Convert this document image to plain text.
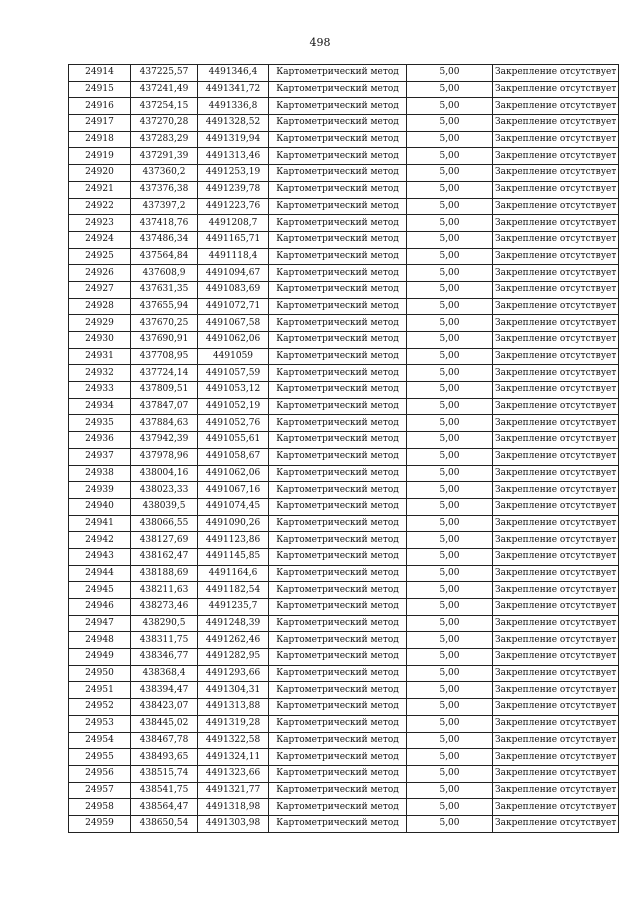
498
24914	437225,57	4491346,4	Картометрический метод	5,00	Закрепление отсутствует
24915	437241,49	4491341,72	Картометрический метод	5,00	Закрепление отсутствует
24916	437254,15	4491336,8	Картометрический метод	5,00	Закрепление отсутствует
24917	437270,28	4491328,52	Картометрический метод	5,00	Закрепление отсутствует
24918	437283,29	4491319,94	Картометрический метод	5,00	Закрепление отсутствует
24919	437291,39	4491313,46	Картометрический метод	5,00	Закрепление отсутствует
24920	437360,2	4491253,19	Картометрический метод	5,00	Закрепление отсутствует
24921	437376,38	4491239,78	Картометрический метод	5,00	Закрепление отсутствует
24922	437397,2	4491223,76	Картометрический метод	5,00	Закрепление отсутствует
24923	437418,76	4491208,7	Картометрический метод	5,00	Закрепление отсутствует
24924	437486,34	4491165,71	Картометрический метод	5,00	Закрепление отсутствует
24925	437564,84	4491118,4	Картометрический метод	5,00	Закрепление отсутствует
24926	437608,9	4491094,67	Картометрический метод	5,00	Закрепление отсутствует
24927	437631,35	4491083,69	Картометрический метод	5,00	Закрепление отсутствует
24928	437655,94	4491072,71	Картометрический метод	5,00	Закрепление отсутствует
24929	437670,25	4491067,58	Картометрический метод	5,00	Закрепление отсутствует
24930	437690,91	4491062,06	Картометрический метод	5,00	Закрепление отсутствует
24931	437708,95	4491059	Картометрический метод	5,00	Закрепление отсутствует
24932	437724,14	4491057,59	Картометрический метод	5,00	Закрепление отсутствует
24933	437809,51	4491053,12	Картометрический метод	5,00	Закрепление отсутствует
24934	437847,07	4491052,19	Картометрический метод	5,00	Закрепление отсутствует
24935	437884,63	4491052,76	Картометрический метод	5,00	Закрепление отсутствует
24936	437942,39	4491055,61	Картометрический метод	5,00	Закрепление отсутствует
24937	437978,96	4491058,67	Картометрический метод	5,00	Закрепление отсутствует
24938	438004,16	4491062,06	Картометрический метод	5,00	Закрепление отсутствует
24939	438023,33	4491067,16	Картометрический метод	5,00	Закрепление отсутствует
24940	438039,5	4491074,45	Картометрический метод	5,00	Закрепление отсутствует
24941	438066,55	4491090,26	Картометрический метод	5,00	Закрепление отсутствует
24942	438127,69	4491123,86	Картометрический метод	5,00	Закрепление отсутствует
24943	438162,47	4491145,85	Картометрический метод	5,00	Закрепление отсутствует
24944	438188,69	4491164,6	Картометрический метод	5,00	Закрепление отсутствует
24945	438211,63	4491182,54	Картометрический метод	5,00	Закрепление отсутствует
24946	438273,46	4491235,7	Картометрический метод	5,00	Закрепление отсутствует
24947	438290,5	4491248,39	Картометрический метод	5,00	Закрепление отсутствует
24948	438311,75	4491262,46	Картометрический метод	5,00	Закрепление отсутствует
24949	438346,77	4491282,95	Картометрический метод	5,00	Закрепление отсутствует
24950	438368,4	4491293,66	Картометрический метод	5,00	Закрепление отсутствует
24951	438394,47	4491304,31	Картометрический метод	5,00	Закрепление отсутствует
24952	438423,07	4491313,88	Картометрический метод	5,00	Закрепление отсутствует
24953	438445,02	4491319,28	Картометрический метод	5,00	Закрепление отсутствует
24954	438467,78	4491322,58	Картометрический метод	5,00	Закрепление отсутствует
24955	438493,65	4491324,11	Картометрический метод	5,00	Закрепление отсутствует
24956	438515,74	4491323,66	Картометрический метод	5,00	Закрепление отсутствует
24957	438541,75	4491321,77	Картометрический метод	5,00	Закрепление отсутствует
24958	438564,47	4491318,98	Картометрический метод	5,00	Закрепление отсутствует
24959	438650,54	4491303,98	Картометрический метод	5,00	Закрепление отсутствует
